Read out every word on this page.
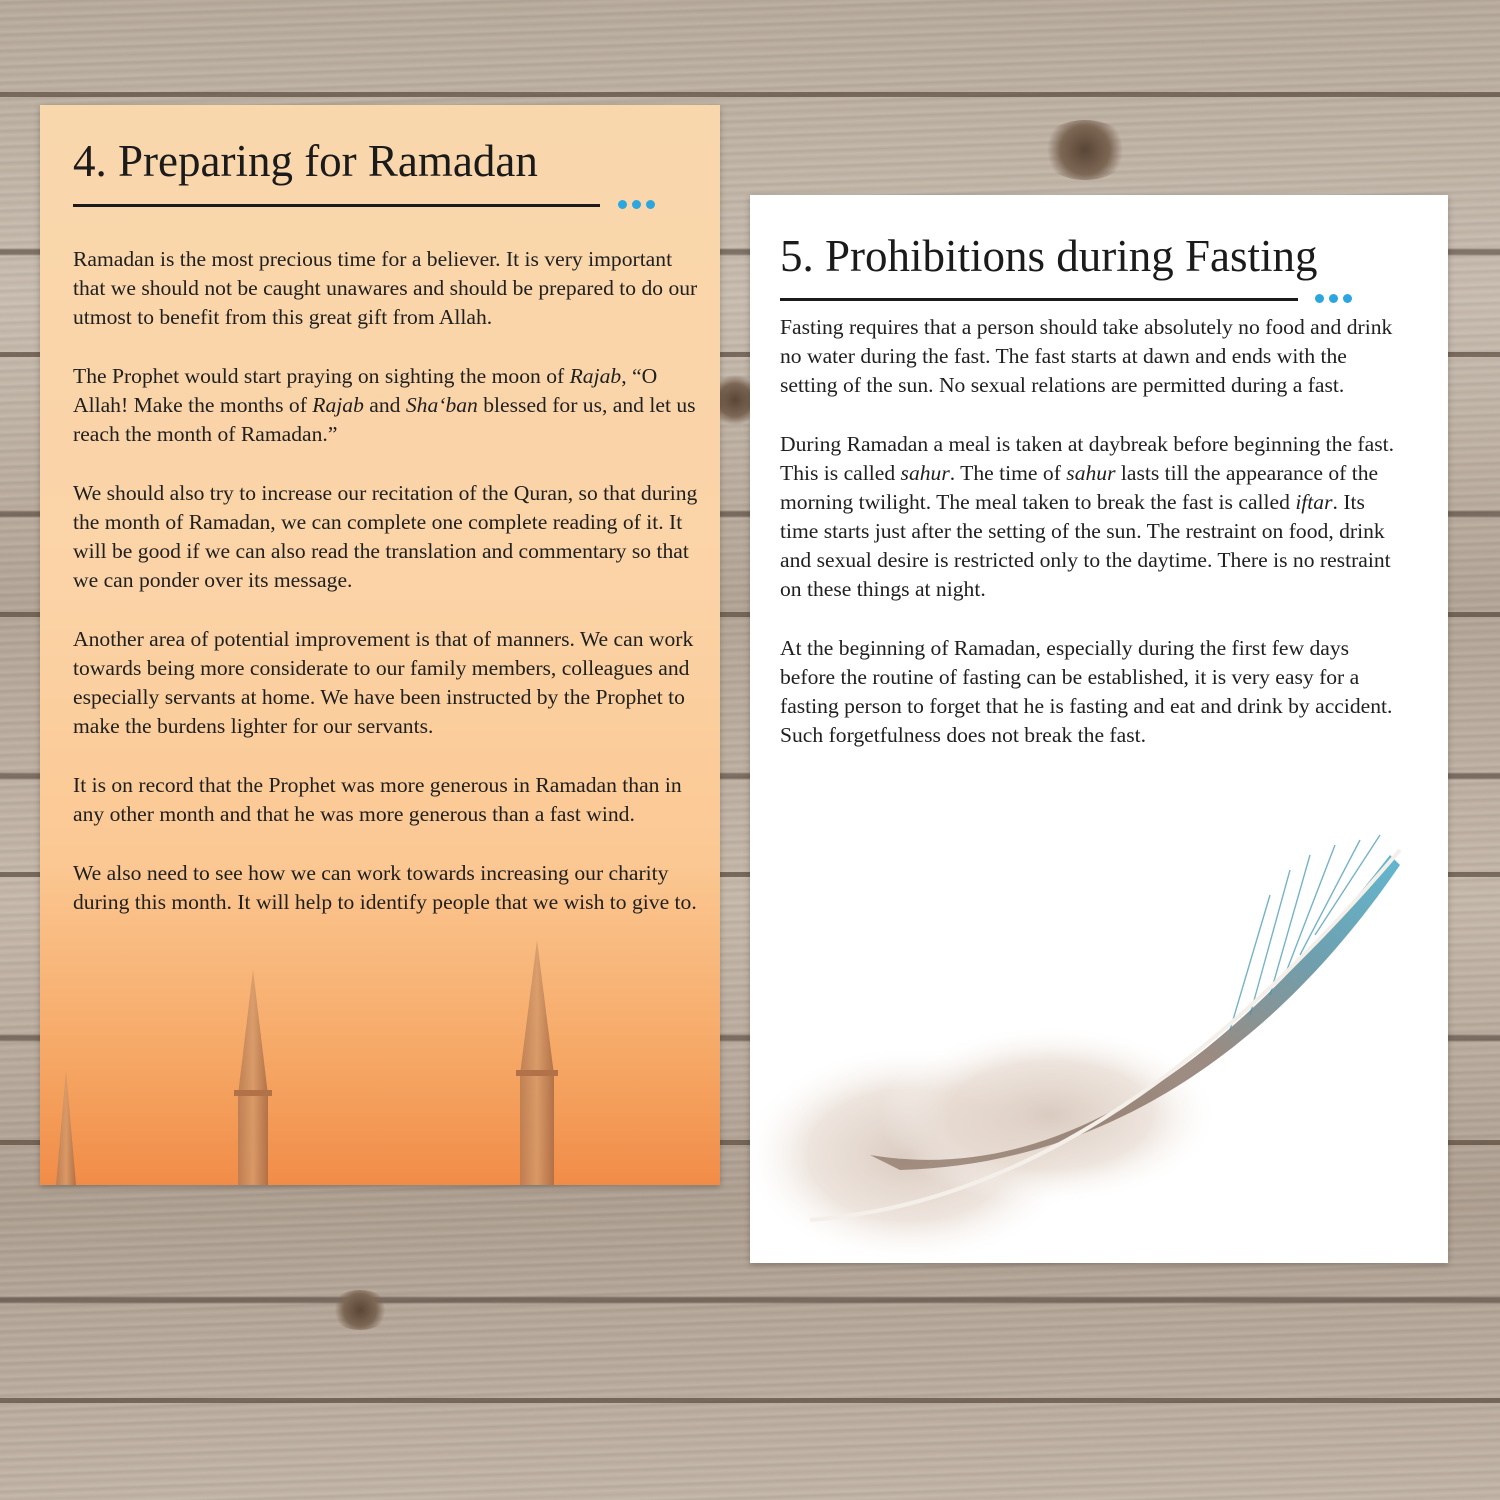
4. Preparing for Ramadan

Ramadan is the most precious time for a believer. It is very important that we should not be caught unawares and should be prepared to do our utmost to benefit from this great gift from Allah.

The Prophet would start praying on sighting the moon of Rajab, “O Allah! Make the months of Rajab and Sha‘ban blessed for us, and let us reach the month of Ramadan.”

We should also try to increase our recitation of the Quran, so that during the month of Ramadan, we can complete one complete reading of it. It will be good if we can also read the translation and commentary so that we can ponder over its message.

Another area of potential improvement is that of manners. We can work towards being more considerate to our family members, colleagues and especially servants at home. We have been instructed by the Prophet to make the burdens lighter for our servants.

It is on record that the Prophet was more generous in Ramadan than in any other month and that he was more generous than a fast wind.

We also need to see how we can work towards increasing our charity during this month. It will help to identify people that we wish to give to.

5. Prohibitions during Fasting

Fasting requires that a person should take absolutely no food and drink no water during the fast. The fast starts at dawn and ends with the setting of the sun. No sexual relations are permitted during a fast.

During Ramadan a meal is taken at daybreak before beginning the fast. This is called sahur. The time of sahur lasts till the appearance of the morning twilight. The meal taken to break the fast is called iftar. Its time starts just after the setting of the sun. The restraint on food, drink and sexual desire is restricted only to the daytime. There is no restraint on these things at night.

At the beginning of Ramadan, especially during the first few days before the routine of fasting can be established, it is very easy for a fasting person to forget that he is fasting and eat and drink by accident. Such forgetfulness does not break the fast.
